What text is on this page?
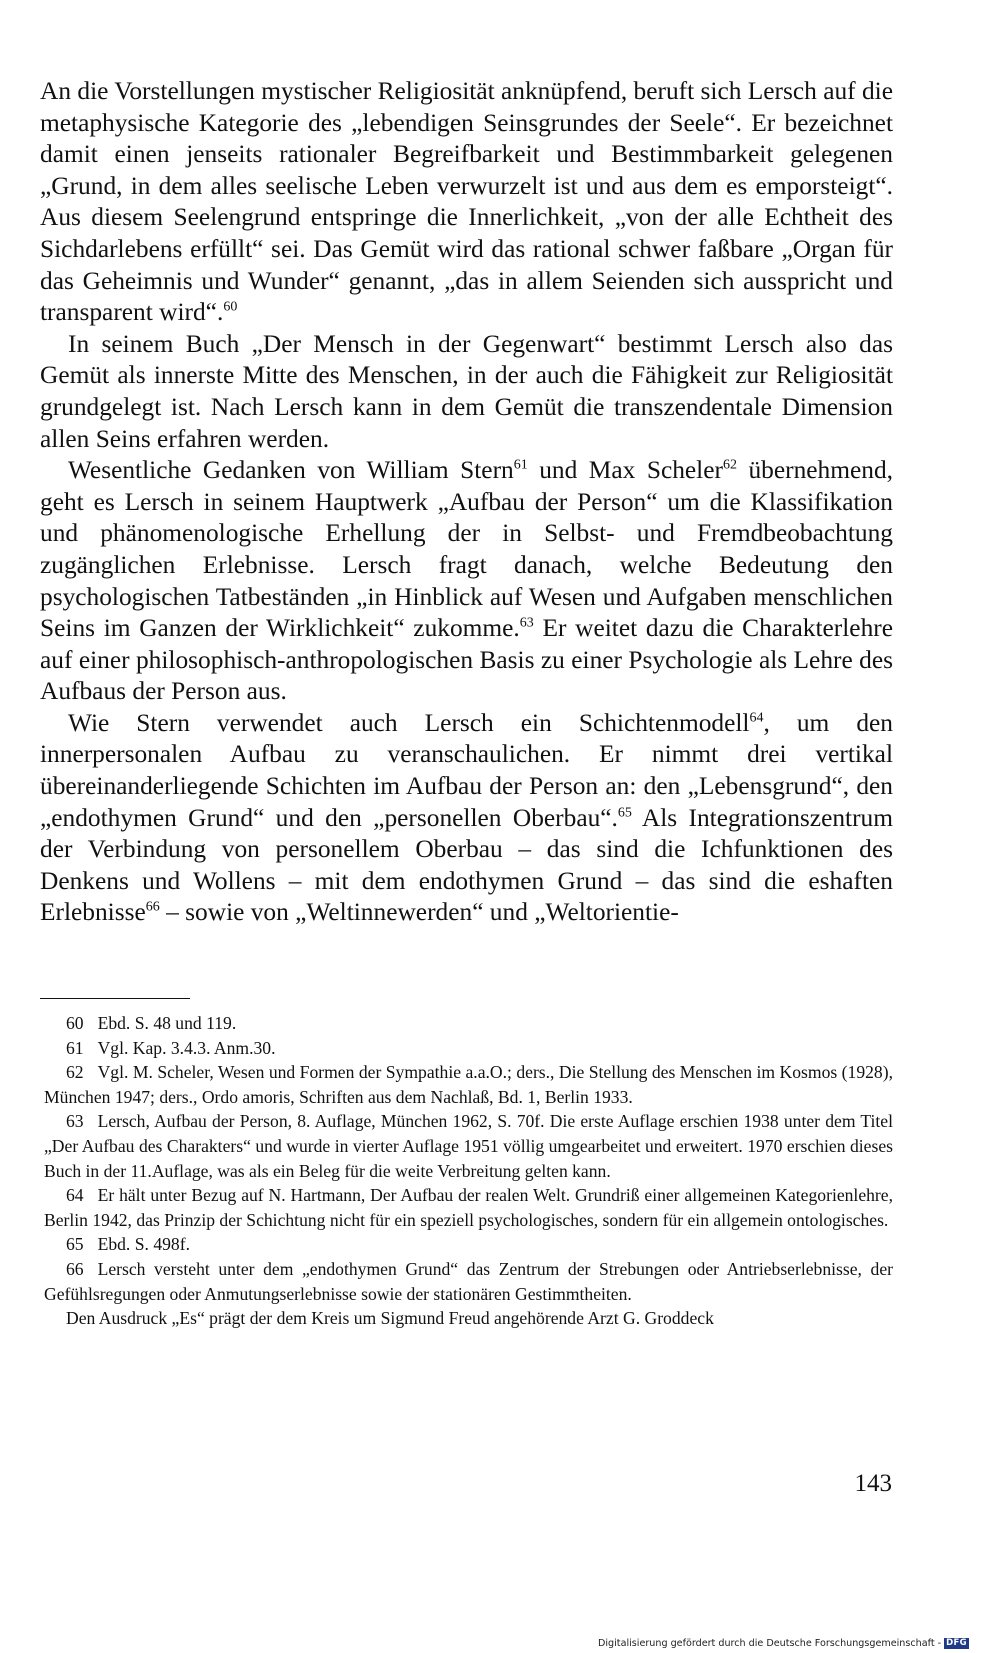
An die Vorstellungen mystischer Religiosität anknüpfend, beruft sich Lersch auf die metaphysische Kategorie des „lebendigen Seinsgrundes der Seele“. Er bezeichnet damit einen jenseits rationaler Begreifbarkeit und Bestimmbarkeit gelegenen „Grund, in dem alles seelische Leben verwurzelt ist und aus dem es emporsteigt“. Aus diesem Seelengrund entspringe die Innerlichkeit, „von der alle Echtheit des Sichdarlebens erfüllt“ sei. Das Gemüt wird das rational schwer faßbare „Organ für das Geheimnis und Wunder“ genannt, „das in allem Seienden sich ausspricht und transparent wird“.$^{60}$

In seinem Buch „Der Mensch in der Gegenwart“ bestimmt Lersch also das Gemüt als innerste Mitte des Menschen, in der auch die Fähigkeit zur Religiosität grundgelegt ist. Nach Lersch kann in dem Gemüt die transzendentale Dimension allen Seins erfahren werden.

Wesentliche Gedanken von William Stern$^{61}$ und Max Scheler$^{62}$ übernehmend, geht es Lersch in seinem Hauptwerk „Aufbau der Person“ um die Klassifikation und phänomenologische Erhellung der in Selbst- und Fremdbeobachtung zugänglichen Erlebnisse. Lersch fragt danach, welche Bedeutung den psychologischen Tatbeständen „in Hinblick auf Wesen und Aufgaben menschlichen Seins im Ganzen der Wirklichkeit“ zukomme.$^{63}$ Er weitet dazu die Charakterlehre auf einer philosophisch-anthropologischen Basis zu einer Psychologie als Lehre des Aufbaus der Person aus.

Wie Stern verwendet auch Lersch ein Schichtenmodell$^{64}$, um den innerpersonalen Aufbau zu veranschaulichen. Er nimmt drei vertikal übereinanderliegende Schichten im Aufbau der Person an: den „Lebensgrund“, den „endothymen Grund“ und den „personellen Oberbau“.$^{65}$ Als Integrationszentrum der Verbindung von personellem Oberbau – das sind die Ichfunktionen des Denkens und Wollens – mit dem endothymen Grund – das sind die eshaften Erlebnisse$^{66}$ – sowie von „Weltinnewerden“ und „Weltorientie-

60 Ebd. S. 48 und 119.

61 Vgl. Kap. 3.4.3. Anm.30.

62 Vgl. M. Scheler, Wesen und Formen der Sympathie a.a.O.; ders., Die Stellung des Menschen im Kosmos (1928), München 1947; ders., Ordo amoris, Schriften aus dem Nachlaß, Bd. 1, Berlin 1933.

63 Lersch, Aufbau der Person, 8. Auflage, München 1962, S. 70f. Die erste Auflage erschien 1938 unter dem Titel „Der Aufbau des Charakters“ und wurde in vierter Auflage 1951 völlig umgearbeitet und erweitert. 1970 erschien dieses Buch in der 11.Auflage, was als ein Beleg für die weite Verbreitung gelten kann.

64 Er hält unter Bezug auf N. Hartmann, Der Aufbau der realen Welt. Grundriß einer allgemeinen Kategorienlehre, Berlin 1942, das Prinzip der Schichtung nicht für ein speziell psychologisches, sondern für ein allgemein ontologisches.

65 Ebd. S. 498f.

66 Lersch versteht unter dem „endothymen Grund“ das Zentrum der Strebungen oder Antriebserlebnisse, der Gefühlsregungen oder Anmutungserlebnisse sowie der stationären Gestimmtheiten.

Den Ausdruck „Es“ prägt der dem Kreis um Sigmund Freud angehörende Arzt G. Groddeck

143
Digitalisierung gefördert durch die Deutsche Forschungsgemeinschaft - DFG
